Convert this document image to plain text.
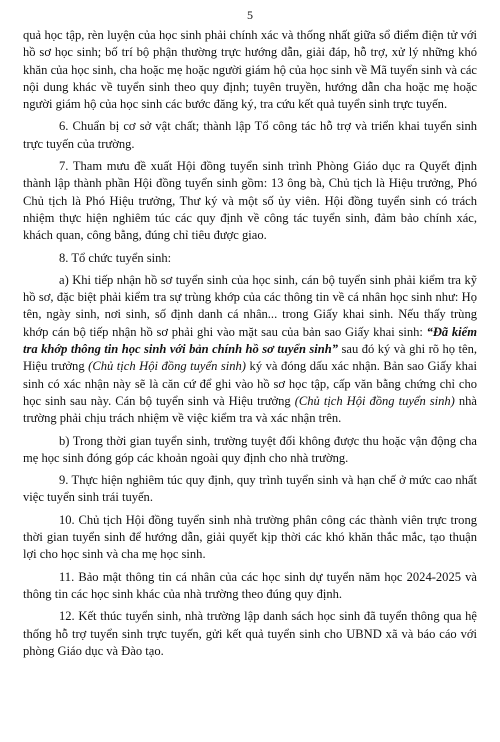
5

quả học tập, rèn luyện của học sinh phải chính xác và thống nhất giữa sổ điểm điện tử với hồ sơ học sinh; bố trí bộ phận thường trực hướng dẫn, giải đáp, hỗ trợ, xử lý những khó khăn của học sinh, cha hoặc mẹ hoặc người giám hộ của học sinh về Mã tuyển sinh và các nội dung khác về tuyển sinh theo quy định; tuyên truyền, hướng dẫn cha hoặc mẹ hoặc người giám hộ của học sinh các bước đăng ký, tra cứu kết quả tuyển sinh trực tuyến.

6. Chuẩn bị cơ sở vật chất; thành lập Tổ công tác hỗ trợ và triển khai tuyển sinh trực tuyến của trường.

7. Tham mưu đề xuất Hội đồng tuyển sinh trình Phòng Giáo dục ra Quyết định thành lập thành phần Hội đồng tuyển sinh gồm: 13 ông bà, Chủ tịch là Hiệu trưởng, Phó Chủ tịch là Phó Hiệu trưởng, Thư ký và một số ủy viên. Hội đồng tuyển sinh có trách nhiệm thực hiện nghiêm túc các quy định về công tác tuyển sinh, đảm bảo chính xác, khách quan, công bằng, đúng chỉ tiêu được giao.

8. Tổ chức tuyển sinh:

a) Khi tiếp nhận hồ sơ tuyển sinh của học sinh, cán bộ tuyển sinh phải kiểm tra kỹ hồ sơ, đặc biệt phải kiểm tra sự trùng khớp của các thông tin về cá nhân học sinh như: Họ tên, ngày sinh, nơi sinh, số định danh cá nhân... trong Giấy khai sinh. Nếu thấy trùng khớp cán bộ tiếp nhận hồ sơ phải ghi vào mặt sau của bản sao Giấy khai sinh: “Đã kiểm tra khớp thông tin học sinh với bản chính hồ sơ tuyển sinh” sau đó ký và ghi rõ họ tên, Hiệu trưởng (Chủ tịch Hội đồng tuyển sinh) ký và đóng dấu xác nhận. Bản sao Giấy khai sinh có xác nhận này sẽ là căn cứ để ghi vào hồ sơ học tập, cấp văn bằng chứng chỉ cho học sinh sau này. Cán bộ tuyển sinh và Hiệu trưởng (Chủ tịch Hội đồng tuyển sinh) nhà trường phải chịu trách nhiệm về việc kiểm tra và xác nhận trên.

b) Trong thời gian tuyển sinh, trường tuyệt đối không được thu hoặc vận động cha mẹ học sinh đóng góp các khoản ngoài quy định cho nhà trường.

9. Thực hiện nghiêm túc quy định, quy trình tuyển sinh và hạn chế ở mức cao nhất việc tuyển sinh trái tuyến.

10. Chủ tịch Hội đồng tuyển sinh nhà trường phân công các thành viên trực trong thời gian tuyển sinh để hướng dẫn, giải quyết kịp thời các khó khăn thắc mắc, tạo thuận lợi cho học sinh và cha mẹ học sinh.

11. Bảo mật thông tin cá nhân của các học sinh dự tuyển năm học 2024-2025 và thông tin các học sinh khác của nhà trường theo đúng quy định.

12. Kết thúc tuyển sinh, nhà trường lập danh sách học sinh đã tuyển thông qua hệ thống hỗ trợ tuyển sinh trực tuyến, gửi kết quả tuyển sinh cho UBND xã và báo cáo với phòng Giáo dục và Đào tạo.
